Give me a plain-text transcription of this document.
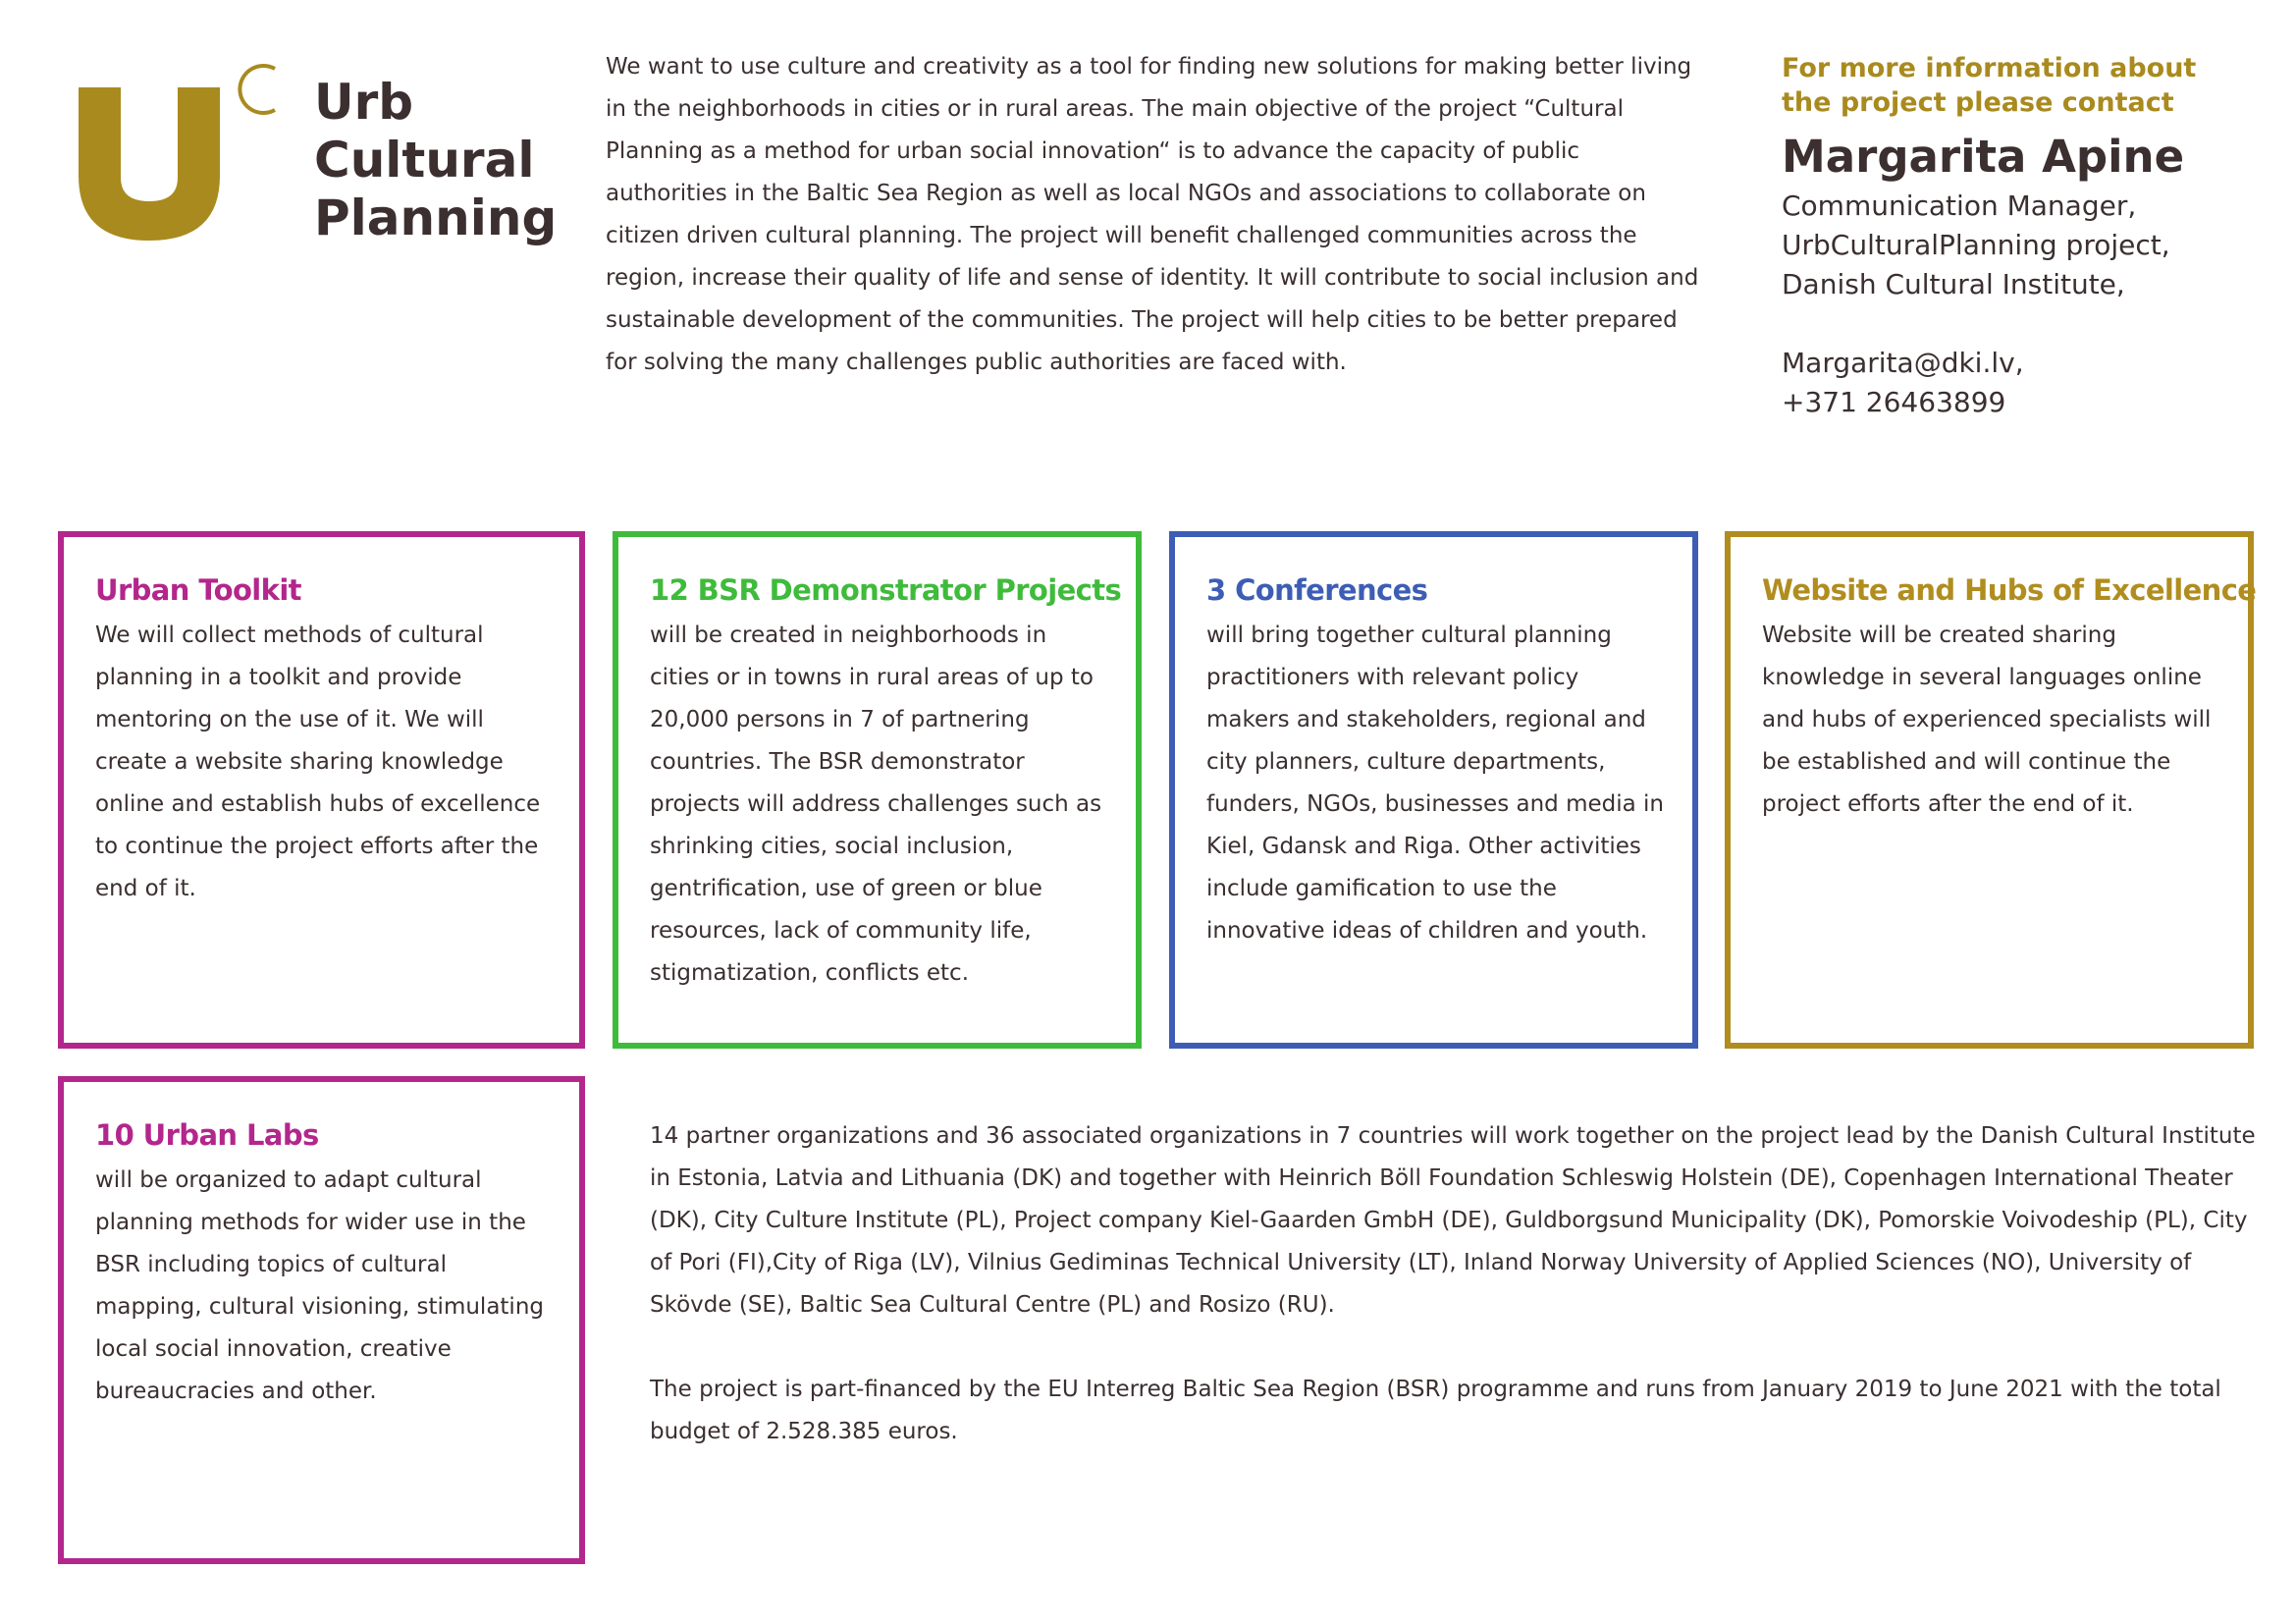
Urb
Cultural
Planning
We want to use culture and creativity as a tool for finding new solutions for making better living in the neighborhoods in cities or in rural areas. The main objective of the project “Cultural Planning as a method for urban social innovation“ is to advance the capacity of public authorities in the Baltic Sea Region as well as local NGOs and associations to collaborate on citizen driven cultural planning. The project will benefit challenged communities across the region, increase their quality of life and sense of identity. It will contribute to social inclusion and sustainable development of the communities. The project will help cities to be better prepared for solving the many challenges public authorities are faced with.
For more information about
the project please contact
Margarita Apine
Communication Manager,
UrbCulturalPlanning project,
Danish Cultural Institute,
Margarita@dki.lv,
+371 26463899
Urban Toolkit
We will collect methods of cultural planning in a toolkit and provide mentoring on the use of it. We will create a website sharing knowledge online and establish hubs of excellence to continue the project efforts after the end of it.
12 BSR Demonstrator Projects
will be created in neighborhoods in cities or in towns in rural areas of up to 20,000 persons in 7 of partnering countries. The BSR demonstrator projects will address challenges such as shrinking cities, social inclusion, gentrification, use of green or blue resources, lack of community life, stigmatization, conflicts etc.
3 Conferences
will bring together cultural planning practitioners with relevant policy makers and stakeholders, regional and city planners, culture departments, funders, NGOs, businesses and media in Kiel, Gdansk and Riga. Other activities include gamification to use the innovative ideas of children and youth.
Website and Hubs of Excellence
Website will be created sharing knowledge in several languages online and hubs of experienced specialists will be established and will continue the project efforts after the end of it.
10 Urban Labs
will be organized to adapt cultural planning methods for wider use in the BSR including topics of cultural mapping, cultural visioning, stimulating local social innovation, creative bureaucracies and other.

14 partner organizations and 36 associated organizations in 7 countries will work together on the project lead by the Danish Cultural Institute in Estonia, Latvia and Lithuania (DK) and together with Heinrich Böll Foundation Schleswig Holstein (DE), Copenhagen International Theater (DK), City Culture Institute (PL), Project company Kiel-Gaarden GmbH (DE), Guldborgsund Municipality (DK), Pomorskie Voivodeship (PL), City of Pori (FI),City of Riga (LV), Vilnius Gediminas Technical University (LT), Inland Norway University of Applied Sciences (NO), University of Skövde (SE), Baltic Sea Cultural Centre (PL) and Rosizo (RU).

The project is part-financed by the EU Interreg Baltic Sea Region (BSR) programme and runs from January 2019 to June 2021 with the total budget of 2.528.385 euros.
